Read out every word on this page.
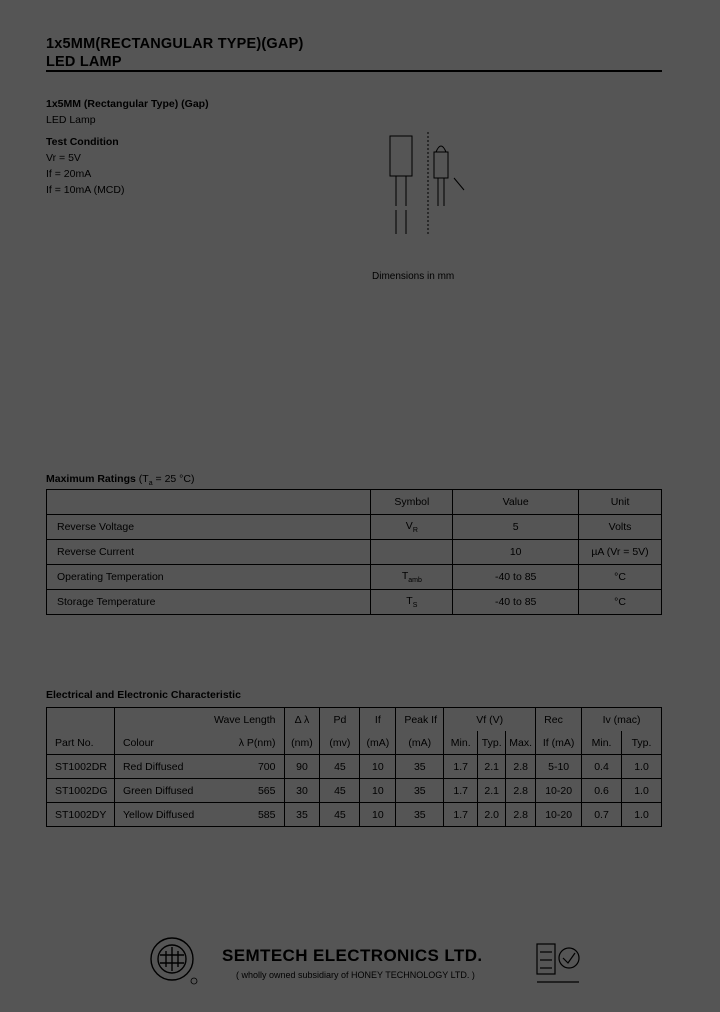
1x5MM(RECTANGULAR TYPE)(GAP)
LED LAMP
1x5MM (Rectangular Type) (Gap)
LED Lamp
Test Condition
Vr = 5V
If = 20mA
If = 10mA (MCD)
Dimensions in mm
Maximum Ratings ($T_a = 25$ °C)
	Symbol	Value	Unit
Reverse Voltage	$V_R$	5	Volts
Reverse Current		10	µA (Vr = 5V)
Operating Temperation	$T_{amb}$	-40 to 85	°C
Storage Temperature	$T_S$	-40 to 85	°C
Electrical and Electronic Characteristic
		Wave Length	Δ λ	Pd	If	Peak If	Vf (V)			Rec	Iv (mac)	
Part No.	Colour	λ P(nm)	(nm)	(mv)	(mA)	(mA)	Min.	Typ.	Max.	If (mA)	Min.	Typ.
ST1002DR	Red Diffused	700	90	45	10	35	1.7	2.1	2.8	5-10	0.4	1.0
ST1002DG	Green Diffused	565	30	45	10	35	1.7	2.1	2.8	10-20	0.6	1.0
ST1002DY	Yellow Diffused	585	35	45	10	35	1.7	2.0	2.8	10-20	0.7	1.0
SEMTECH ELECTRONICS LTD.
( wholly owned subsidiary of HONEY TECHNOLOGY LTD. )
